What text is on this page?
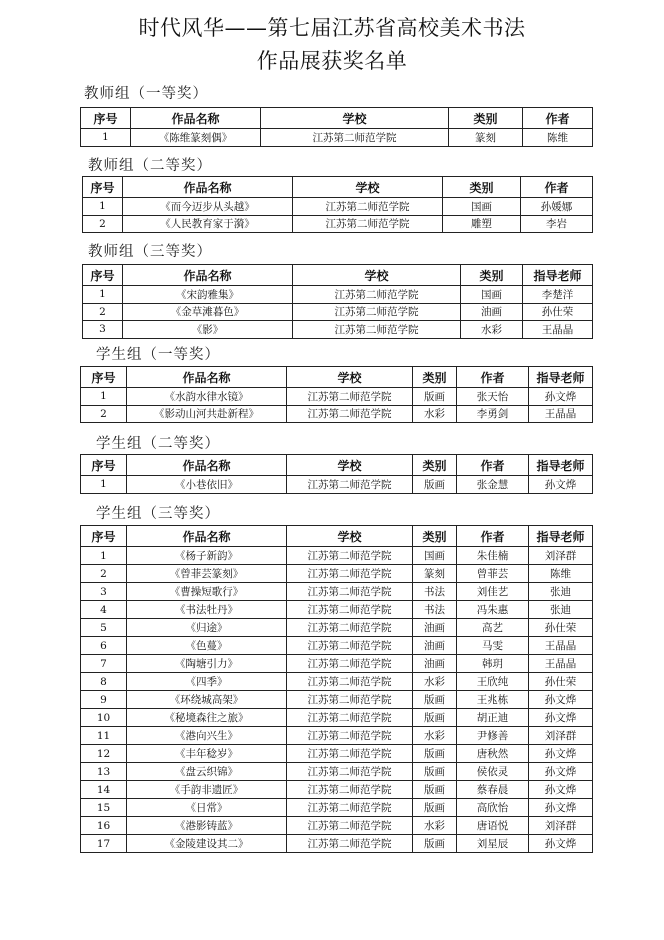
时代风华——第七届江苏省高校美术书法
作品展获奖名单
教师组（一等奖）
序号	作品名称	学校	类别	作者
1	《陈维篆刻偶》	江苏第二师范学院	篆刻	陈维
教师组（二等奖）
序号	作品名称	学校	类别	作者
1	《而今迈步从头越》	江苏第二师范学院	国画	孙媛娜
2	《人民教育家于漪》	江苏第二师范学院	雕塑	李岩
教师组（三等奖）
序号	作品名称	学校	类别	指导老师
1	《宋韵雅集》	江苏第二师范学院	国画	李楚洋
2	《金草滩暮色》	江苏第二师范学院	油画	孙仕荣
3	《影》	江苏第二师范学院	水彩	王晶晶
学生组（一等奖）
序号	作品名称	学校	类别	作者	指导老师
1	《水韵水律水镜》	江苏第二师范学院	版画	张天怡	孙文烨
2	《影动山河共赴新程》	江苏第二师范学院	水彩	李勇剑	王晶晶
学生组（二等奖）
序号	作品名称	学校	类别	作者	指导老师
1	《小巷依旧》	江苏第二师范学院	版画	张金慧	孙文烨
学生组（三等奖）
序号	作品名称	学校	类别	作者	指导老师
1	《杨子新韵》	江苏第二师范学院	国画	朱佳楠	刘泽群
2	《曾菲芸篆刻》	江苏第二师范学院	篆刻	曾菲芸	陈维
3	《曹操短歌行》	江苏第二师范学院	书法	刘佳艺	张迪
4	《书法牡丹》	江苏第二师范学院	书法	冯朱惠	张迪
5	《归途》	江苏第二师范学院	油画	高艺	孙仕荣
6	《色蔓》	江苏第二师范学院	油画	马雯	王晶晶
7	《陶塘引力》	江苏第二师范学院	油画	韩玥	王晶晶
8	《四季》	江苏第二师范学院	水彩	王欣纯	孙仕荣
9	《环绕城高架》	江苏第二师范学院	版画	王兆栋	孙文烨
10	《秘境森往之旅》	江苏第二师范学院	版画	胡正迪	孙文烨
11	《港向兴生》	江苏第二师范学院	水彩	尹修善	刘泽群
12	《丰年稔岁》	江苏第二师范学院	版画	唐秋然	孙文烨
13	《盘云织锦》	江苏第二师范学院	版画	侯依灵	孙文烨
14	《手韵非遗匠》	江苏第二师范学院	版画	蔡春晨	孙文烨
15	《日常》	江苏第二师范学院	版画	高欣怡	孙文烨
16	《港影铸蓝》	江苏第二师范学院	水彩	唐语悦	刘泽群
17	《金陵建设其二》	江苏第二师范学院	版画	刘星辰	孙文烨
